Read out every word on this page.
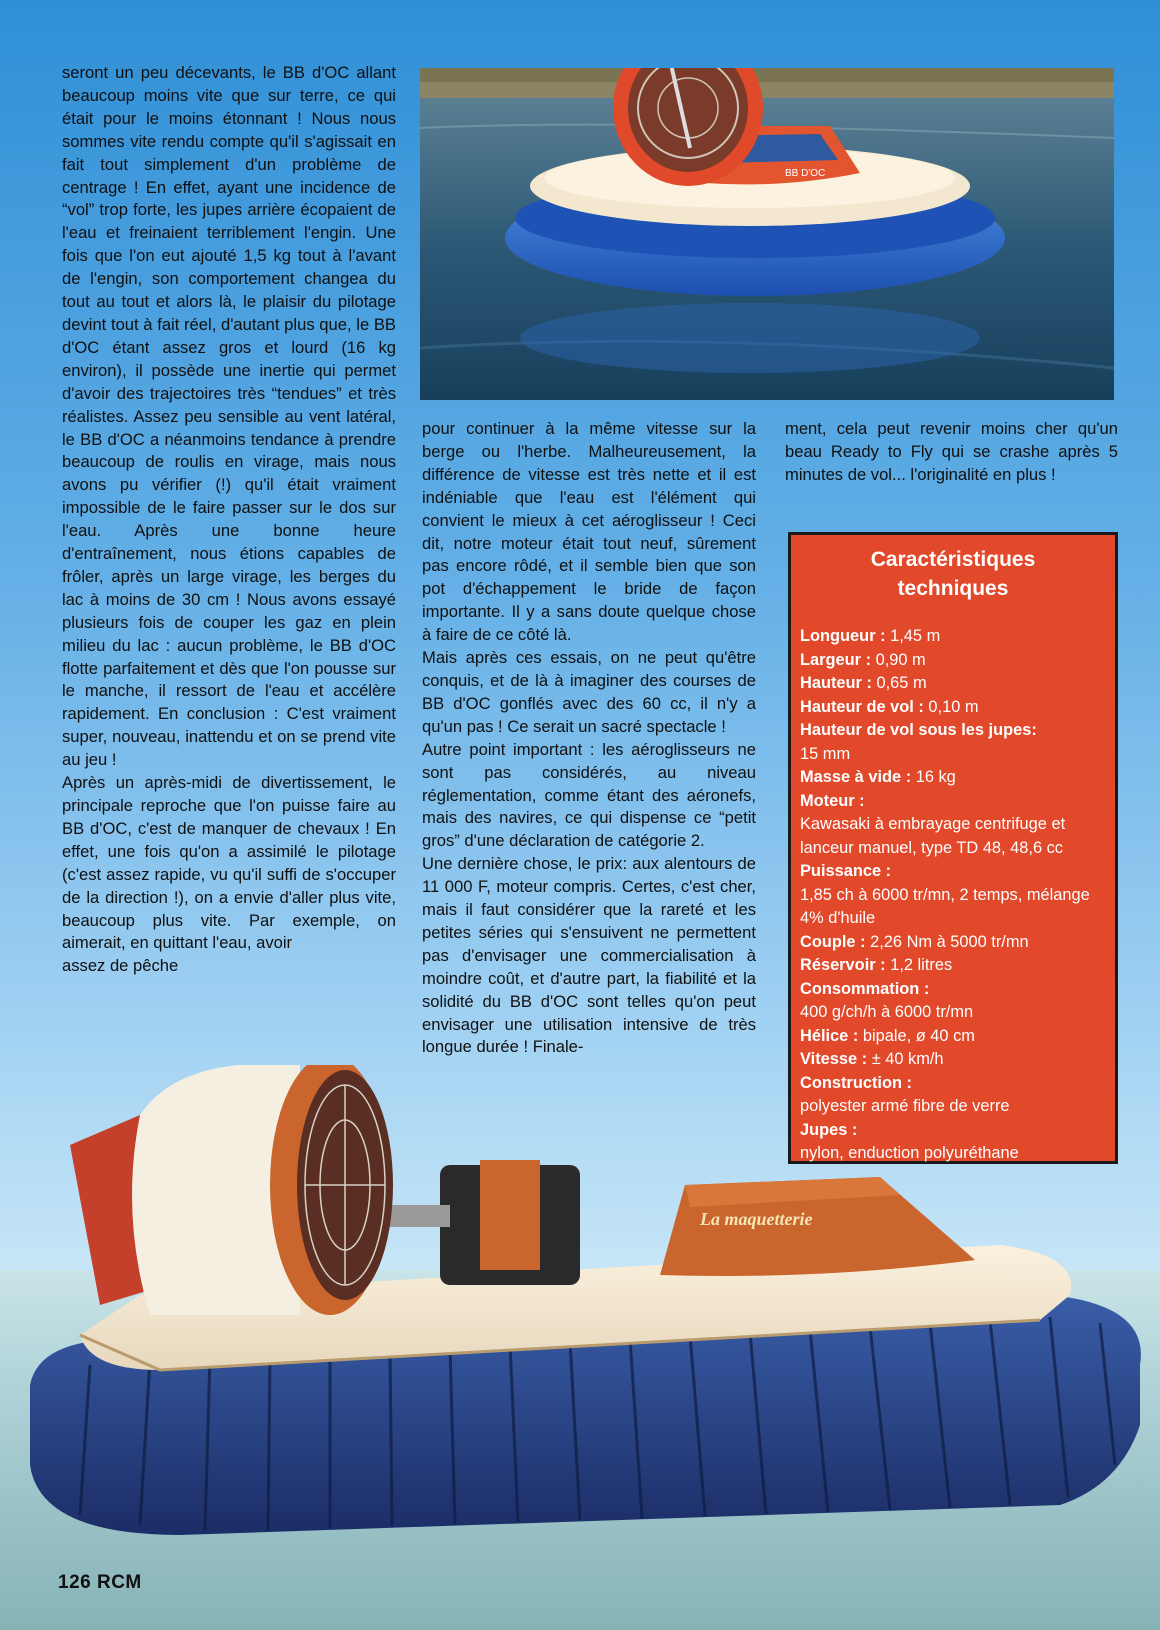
BB D'OC

seront un peu décevants, le BB d'OC allant beaucoup moins vite que sur terre, ce qui était pour le moins étonnant ! Nous nous sommes vite rendu compte qu'il s'agissait en fait tout simplement d'un problème de centrage ! En effet, ayant une incidence de “vol” trop forte, les jupes arrière écopaient de l'eau et freinaient terriblement l'engin. Une fois que l'on eut ajouté 1,5 kg tout à l'avant de l'engin, son comportement changea du tout au tout et alors là, le plaisir du pilotage devint tout à fait réel, d'autant plus que, le BB d'OC étant assez gros et lourd (16 kg environ), il possède une inertie qui permet d'avoir des trajectoires très “tendues” et très réalistes. Assez peu sensible au vent latéral, le BB d'OC a néanmoins tendance à prendre beaucoup de roulis en virage, mais nous avons pu vérifier (!) qu'il était vraiment impossible de le faire passer sur le dos sur l'eau. Après une bonne heure d'entraînement, nous étions capables de frôler, après un large virage, les berges du lac à moins de 30 cm ! Nous avons essayé plusieurs fois de couper les gaz en plein milieu du lac : aucun problème, le BB d'OC flotte parfaitement et dès que l'on pousse sur le manche, il ressort de l'eau et accélère rapidement. En conclusion : C'est vraiment super, nouveau, inattendu et on se prend vite au jeu !

Après un après-midi de divertissement, le principale reproche que l'on puisse faire au BB d'OC, c'est de manquer de chevaux ! En effet, une fois qu'on a assimilé le pilotage (c'est assez rapide, vu qu'il suffi de s'occuper de la direction !), on a envie d'aller plus vite, beaucoup plus vite. Par exemple, on aimerait, en quittant l'eau, avoir

assez de pêche

pour continuer à la même vitesse sur la berge ou l'herbe. Malheureusement, la différence de vitesse est très nette et il est indéniable que l'eau est l'élément qui convient le mieux à cet aéroglisseur ! Ceci dit, notre moteur était tout neuf, sûrement pas encore rôdé, et il semble bien que son pot d'échappement le bride de façon importante. Il y a sans doute quelque chose à faire de ce côté là.

Mais après ces essais, on ne peut qu'être conquis, et de là à imaginer des courses de BB d'OC gonflés avec des 60 cc, il n'y a qu'un pas ! Ce serait un sacré spectacle !

Autre point important : les aéroglisseurs ne sont pas considérés, au niveau réglementation, comme étant des aéronefs, mais des navires, ce qui dispense ce “petit gros” d'une déclaration de catégorie 2.

Une dernière chose, le prix: aux alentours de 11 000 F, moteur compris. Certes, c'est cher, mais il faut considérer que la rareté et les petites séries qui s'ensuivent ne permettent pas d'envisager une commercialisation à moindre coût, et d'autre part, la fiabilité et la solidité du BB d'OC sont telles qu'on peut envisager une utilisation intensive de très longue durée ! Finale-

ment, cela peut revenir moins cher qu'un beau Ready to Fly qui se crashe après 5 minutes de vol... l'originalité en plus !

Caractéristiques
techniques
Longueur : 1,45 m
Largeur : 0,90 m
Hauteur : 0,65 m
Hauteur de vol : 0,10 m
Hauteur de vol sous les jupes:
15 mm
Masse à vide : 16 kg
Moteur :
Kawasaki à embrayage centrifuge et lanceur manuel, type TD 48, 48,6 cc
Puissance :
1,85 ch à 6000 tr/mn, 2 temps, mélange 4% d'huile
Couple : 2,26 Nm à 5000 tr/mn
Réservoir : 1,2 litres
Consommation :
400 g/ch/h à 6000 tr/mn
Hélice : bipale, ø 40 cm
Vitesse : ± 40 km/h
Construction :
polyester armé fibre de verre
Jupes :
nylon, enduction polyuréthane
La maquetterie
126 RCM
